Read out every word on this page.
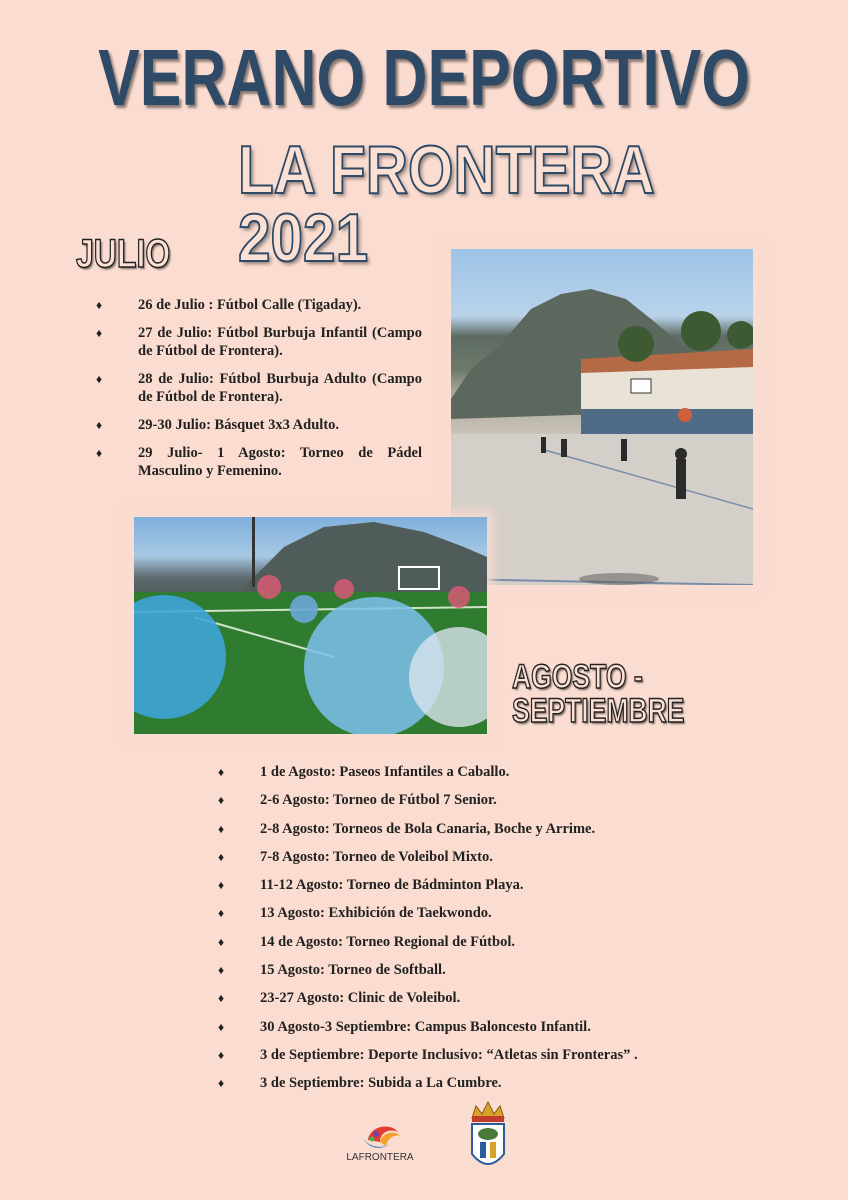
VERANO DEPORTIVO
LA FRONTERA 2021
JULIO
♦ 26 de Julio : Fútbol Calle (Tigaday).
♦ 27 de Julio: Fútbol Burbuja Infantil (Campo de Fútbol de Frontera).
♦ 28 de Julio: Fútbol Burbuja Adulto (Campo de Fútbol de Frontera).
♦ 29-30 Julio: Básquet 3x3 Adulto.
♦ 29 Julio- 1 Agosto: Torneo de Pádel Masculino y Femenino.
AGOSTO - SEPTIEMBRE
♦ 1 de Agosto: Paseos Infantiles a Caballo.
♦ 2-6 Agosto: Torneo de Fútbol 7 Senior.
♦ 2-8 Agosto: Torneos de Bola Canaria, Boche y Arrime.
♦ 7-8 Agosto: Torneo de Voleibol Mixto.
♦ 11-12 Agosto: Torneo de Bádminton Playa.
♦ 13 Agosto: Exhibición de Taekwondo.
♦ 14 de Agosto: Torneo Regional de Fútbol.
♦ 15 Agosto: Torneo de Softball.
♦ 23-27 Agosto: Clinic de Voleibol.
♦ 30 Agosto-3 Septiembre: Campus Baloncesto Infantil.
♦ 3 de Septiembre: Deporte Inclusivo: “Atletas sin Fronteras” .
♦ 3 de Septiembre: Subida a La Cumbre.
LAFRONTERA
